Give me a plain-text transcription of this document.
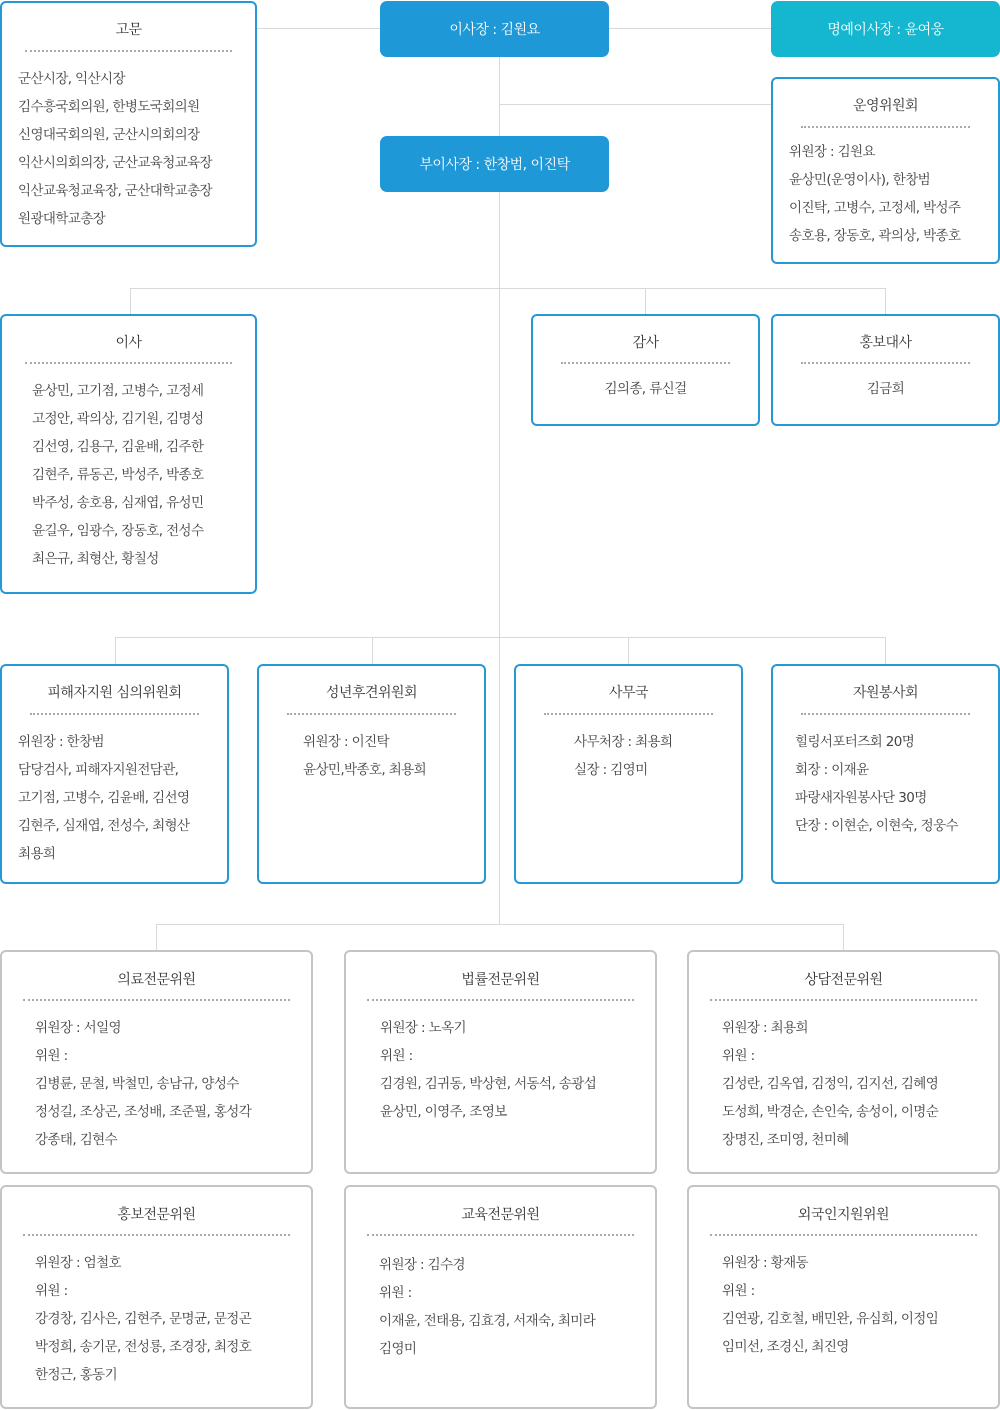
이사장 : 김원요	명예이사장 : 윤여웅
부이사장 : 한창범, 이진탁
고문
군산시장, 익산시장
김수흥국회의원, 한병도국회의원
신영대국회의원, 군산시의회의장
익산시의회의장, 군산교육청교육장
익산교육청교육장, 군산대학교총장
원광대학교총장
운영위원회
위원장 : 김원요
윤상민(운영이사), 한창범
이진탁, 고병수, 고정세, 박성주
송호용, 장동호, 곽의상, 박종호
이사
윤상민, 고기점, 고병수, 고정세
고정안, 곽의상, 김기원, 김명성
김선영, 김용구, 김윤배, 김주한
김현주, 류동곤, 박성주, 박종호
박주성, 송호용, 심재엽, 유성민
윤길우, 임광수, 장동호, 전성수
최은규, 최형산, 황칠성
감사
김의종, 류신걸
홍보대사
김금희
피해자지원 심의위원회
위원장 : 한창범
담당검사, 피해자지원전담관,
고기점, 고병수, 김윤배, 김선영
김현주, 심재엽, 전성수, 최형산
최용희
성년후견위원회
위원장 : 이진탁
윤상민,박종호, 최용희
사무국
사무처장 : 최용희
실장 : 김영미
자원봉사회
힐링서포터즈회 20명
회장 : 이재윤
파랑새자원봉사단 30명
단장 : 이현순, 이현숙, 정웅수
의료전문위원
위원장 : 서일영
위원 :
김병륜, 문철, 박철민, 송남규, 양성수
정성길, 조상곤, 조성배, 조준필, 홍성각
강종태, 김현수
법률전문위원
위원장 : 노옥기
위원 :
김경원, 김귀동, 박상현, 서동석, 송광섭
윤상민, 이영주, 조영보
상담전문위원
위원장 : 최용희
위원 :
김성란, 김옥엽, 김정익, 김지선, 김혜영
도성희, 박경순, 손인숙, 송성이, 이명순
장명진, 조미영, 천미혜
홍보전문위원
위원장 : 엄철호
위원 :
강경창, 김사은, 김현주, 문명균, 문정곤
박정희, 송기문, 전성룡, 조경장, 최정호
한정근, 홍동기
교육전문위원
위원장 : 김수경
위원 :
이재윤, 전태용, 김효경, 서재숙, 최미라
김영미
외국인지원위원
위원장 : 황재동
위원 :
김연광, 김호철, 배민완, 유심희, 이정임
임미선, 조경신, 최진영
